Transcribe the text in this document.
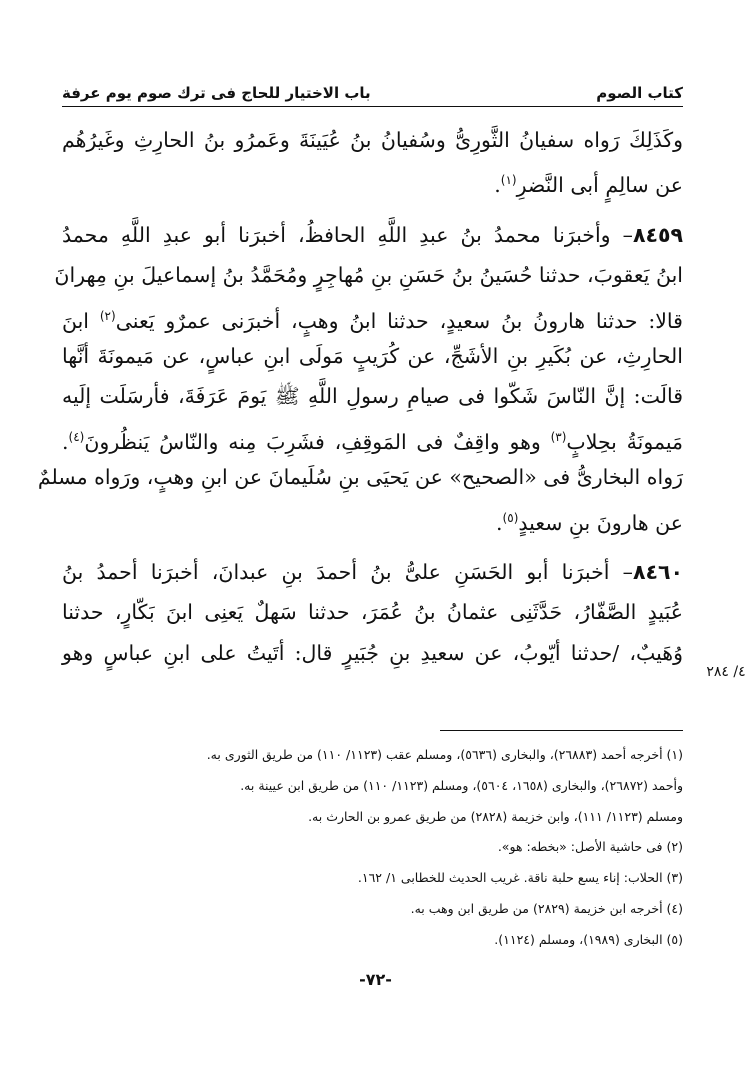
كتاب الصوم
باب الاختيار للحاج فى ترك صوم يوم عرفة
وكَذَلِكَ رَواه سفيانُ الثَّورِىُّ وسُفيانُ بنُ عُيَينَةَ وعَمرُو بنُ الحارِثِ وغَيرُهُم
عن سالِمٍ أبى النَّضرِ$^{(١)}$.
٨٤٥٩– وأخبرَنا محمدُ بنُ عبدِ اللَّهِ الحافظُ، أخبرَنا أبو عبدِ اللَّهِ محمدُ
ابنُ يَعقوبَ، حدثنا حُسَينُ بنُ حَسَنِ بنِ مُهاجِرٍ ومُحَمَّدُ بنُ إسماعيلَ بنِ مِهرانَ
قالا: حدثنا هارونُ بنُ سعيدٍ، حدثنا ابنُ وهبٍ، أخبرَنى عمرٌو يَعنى$^{(٢)}$ ابنَ
الحارِثِ، عن بُكَيرِ بنِ الأشَجِّ، عن كُرَيبٍ مَولَى ابنِ عباسٍ، عن مَيمونَةَ أنَّها
قالَت: إنَّ النّاسَ شَكّوا فى صيامِ رسولِ اللَّهِ ﷺ يَومَ عَرَفَةَ، فأرسَلَت إلَيه
مَيمونَةُ بحِلابٍ$^{(٣)}$ وهو واقِفٌ فى المَوقِفِ، فشَرِبَ مِنه والنّاسُ يَنظُرونَ$^{(٤)}$.
رَواه البخارىُّ فى «الصحيح» عن يَحيَى بنِ سُلَيمانَ عن ابنِ وهبٍ، ورَواه مسلمٌ
عن هارونَ بنِ سعيدٍ$^{(٥)}$.
٨٤٦٠– أخبرَنا أبو الحَسَنِ علىُّ بنُ أحمدَ بنِ عبدانَ، أخبرَنا أحمدُ بنُ
عُبَيدٍ الصَّفّارُ، حَدَّثَنِى عثمانُ بنُ عُمَرَ، حدثنا سَهلٌ يَعنِى ابنَ بَكّارٍ، حدثنا
وُهَيبٌ، /حدثنا أيّوبُ، عن سعيدِ بنِ جُبَيرٍ قال: أتَيتُ على ابنِ عباسٍ وهو
٤/ ٢٨٤
(١) أخرجه أحمد (٢٦٨٨٣)، والبخارى (٥٦٣٦)، ومسلم عقب (١١٢٣/ ١١٠) من طريق الثورى به.
وأحمد (٢٦٨٧٢)، والبخارى (١٦٥٨، ٥٦٠٤)، ومسلم (١١٢٣/ ١١٠) من طريق ابن عيينة به.
ومسلم (١١٢٣/ ١١١)، وابن خزيمة (٢٨٢٨) من طريق عمرو بن الحارث به.
(٢) فى حاشية الأصل: «بخطه: هو».
(٣) الحلاب: إناء يسع حلبة ناقة. غريب الحديث للخطابى ١/ ١٦٢.
(٤) أخرجه ابن خزيمة (٢٨٢٩) من طريق ابن وهب به.
(٥) البخارى (١٩٨٩)، ومسلم (١١٢٤).
-٧٢-
